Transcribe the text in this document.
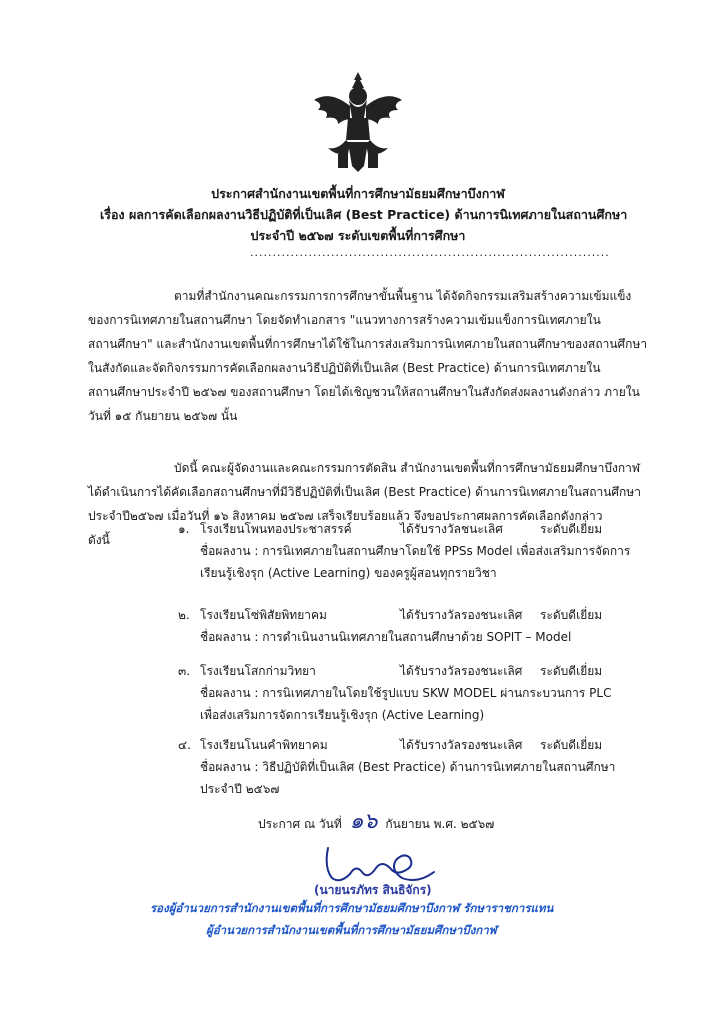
ประกาศสำนักงานเขตพื้นที่การศึกษามัธยมศึกษาบึงกาฬ
เรื่อง ผลการคัดเลือกผลงานวิธีปฏิบัติที่เป็นเลิศ (Best Practice) ด้านการนิเทศภายในสถานศึกษา
ประจำปี ๒๕๖๗ ระดับเขตพื้นที่การศึกษา
................................................................................
ตามที่สำนักงานคณะกรรมการการศึกษาขั้นพื้นฐาน ได้จัดกิจกรรมเสริมสร้างความเข้มแข็ง
ของการนิเทศภายในสถานศึกษา โดยจัดทำเอกสาร "แนวทางการสร้างความเข้มแข็งการนิเทศภายใน
สถานศึกษา" และสำนักงานเขตพื้นที่การศึกษาได้ใช้ในการส่งเสริมการนิเทศภายในสถานศึกษาของสถานศึกษา
ในสังกัดและจัดกิจกรรมการคัดเลือกผลงานวิธีปฏิบัติที่เป็นเลิศ (Best Practice) ด้านการนิเทศภายใน
สถานศึกษาประจำปี ๒๕๖๗ ของสถานศึกษา โดยได้เชิญชวนให้สถานศึกษาในสังกัดส่งผลงานดังกล่าว ภายใน
วันที่ ๑๕ กันยายน ๒๕๖๗ นั้น
บัดนี้ คณะผู้จัดงานและคณะกรรมการตัดสิน สำนักงานเขตพื้นที่การศึกษามัธยมศึกษาบึงกาฬ
ได้ดำเนินการได้คัดเลือกสถานศึกษาที่มีวิธีปฏิบัติที่เป็นเลิศ (Best Practice) ด้านการนิเทศภายในสถานศึกษา
ประจำปี๒๕๖๗ เมื่อวันที่ ๑๖ สิงหาคม ๒๕๖๗ เสร็จเรียบร้อยแล้ว จึงขอประกาศผลการคัดเลือกดังกล่าว
ดังนี้
๑. โรงเรียนโพนทองประชาสรรค์	ได้รับรางวัลชนะเลิศ	ระดับดีเยี่ยม
ชื่อผลงาน : การนิเทศภายในสถานศึกษาโดยใช้ PPSs Model เพื่อส่งเสริมการจัดการ
เรียนรู้เชิงรุก (Active Learning) ของครูผู้สอนทุกรายวิชา
๒. โรงเรียนโซ่พิสัยพิทยาคม	ได้รับรางวัลรองชนะเลิศ	ระดับดีเยี่ยม
ชื่อผลงาน : การดำเนินงานนิเทศภายในสถานศึกษาด้วย SOPIT – Model
๓. โรงเรียนโสกก่ามวิทยา	ได้รับรางวัลรองชนะเลิศ	ระดับดีเยี่ยม
ชื่อผลงาน : การนิเทศภายในโดยใช้รูปแบบ SKW MODEL ผ่านกระบวนการ PLC
เพื่อส่งเสริมการจัดการเรียนรู้เชิงรุก (Active Learning)
๔. โรงเรียนโนนคำพิทยาคม	ได้รับรางวัลรองชนะเลิศ	ระดับดีเยี่ยม
ชื่อผลงาน : วิธีปฏิบัติที่เป็นเลิศ (Best Practice) ด้านการนิเทศภายในสถานศึกษา
ประจำปี ๒๕๖๗
ประกาศ ณ วันที่ ๑๖ กันยายน พ.ศ. ๒๕๖๗
(นายนรภัทร สินธิจักร)
รองผู้อำนวยการสำนักงานเขตพื้นที่การศึกษามัธยมศึกษาบึงกาฬ รักษาราชการแทน
ผู้อำนวยการสำนักงานเขตพื้นที่การศึกษามัธยมศึกษาบึงกาฬ
